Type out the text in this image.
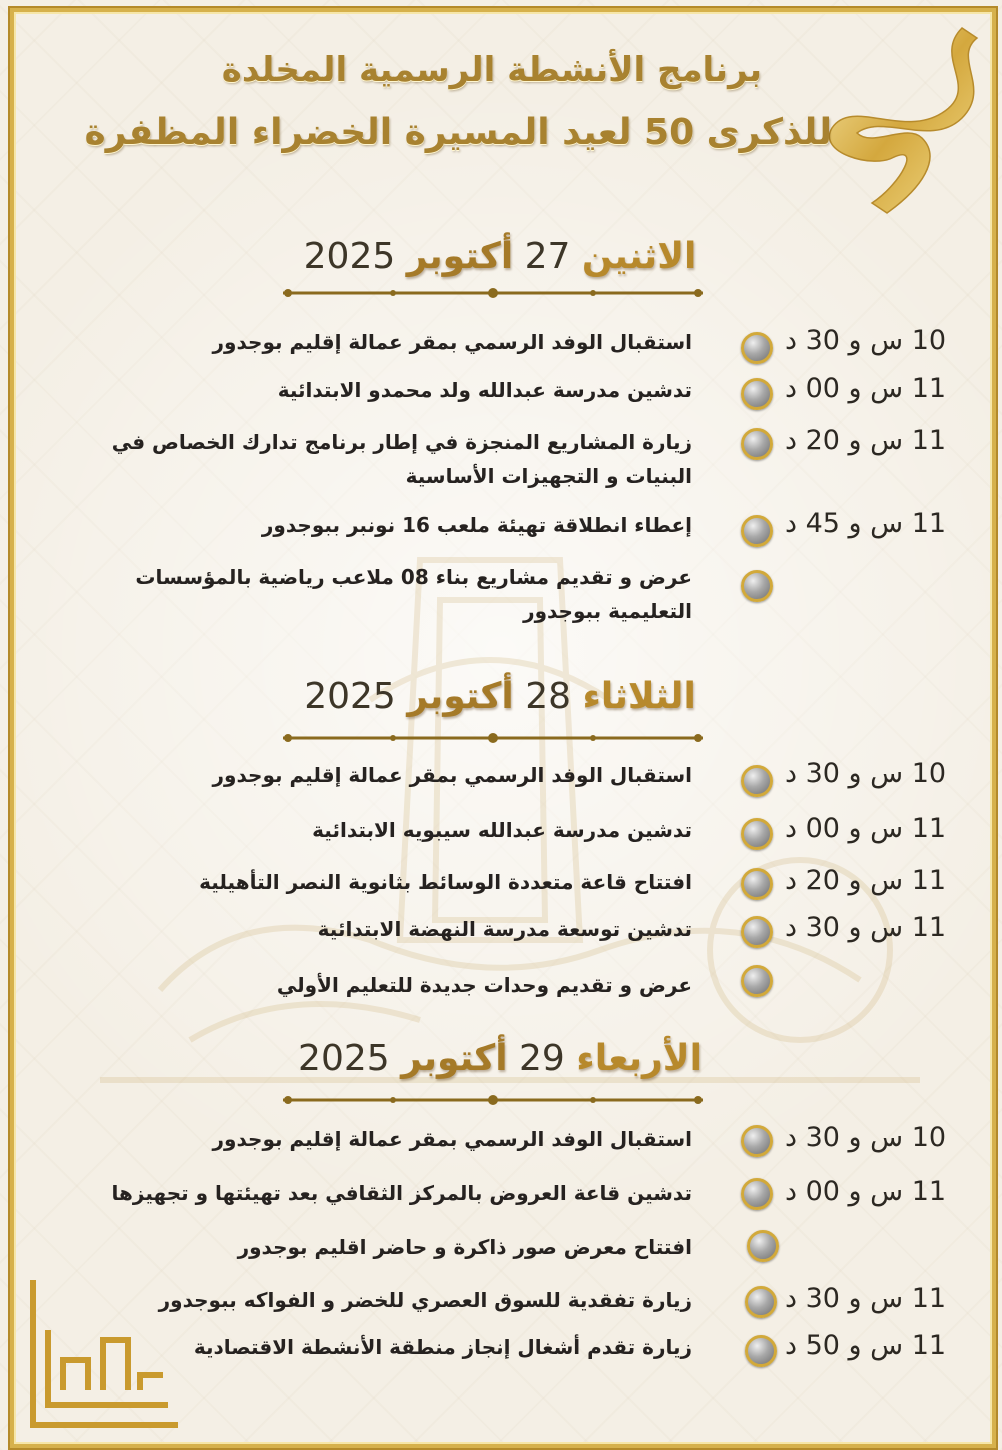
برنامج الأنشطة الرسمية المخلدة
للذكرى 50 لعيد المسيرة الخضراء المظفرة
الاثنين 27 أكتوبر 2025
10 س و 30 د
استقبال الوفد الرسمي بمقر عمالة إقليم بوجدور
11 س و 00 د
تدشين مدرسة عبدالله ولد محمدو الابتدائية
11 س و 20 د
زيارة المشاريع المنجزة في إطار برنامج تدارك الخصاص في البنيات و التجهيزات الأساسية
11 س و 45 د
إعطاء انطلاقة تهيئة ملعب 16 نونبر ببوجدور
عرض و تقديم مشاريع بناء 08 ملاعب رياضية بالمؤسسات التعليمية ببوجدور
الثلاثاء 28 أكتوبر 2025
10 س و 30 د
استقبال الوفد الرسمي بمقر عمالة إقليم بوجدور
11 س و 00 د
تدشين مدرسة عبدالله سيبويه الابتدائية
11 س و 20 د
افتتاح قاعة متعددة الوسائط بثانوية النصر التأهيلية
11 س و 30 د
تدشين توسعة مدرسة النهضة الابتدائية
عرض و تقديم وحدات جديدة للتعليم الأولي
الأربعاء 29 أكتوبر 2025
10 س و 30 د
استقبال الوفد الرسمي بمقر عمالة إقليم بوجدور
11 س و 00 د
تدشين قاعة العروض بالمركز الثقافي بعد تهيئتها و تجهيزها
افتتاح معرض صور ذاكرة و حاضر اقليم بوجدور
11 س و 30 د
زيارة تفقدية للسوق العصري للخضر و الفواكه ببوجدور
11 س و 50 د
زيارة تقدم أشغال إنجاز منطقة الأنشطة الاقتصادية
